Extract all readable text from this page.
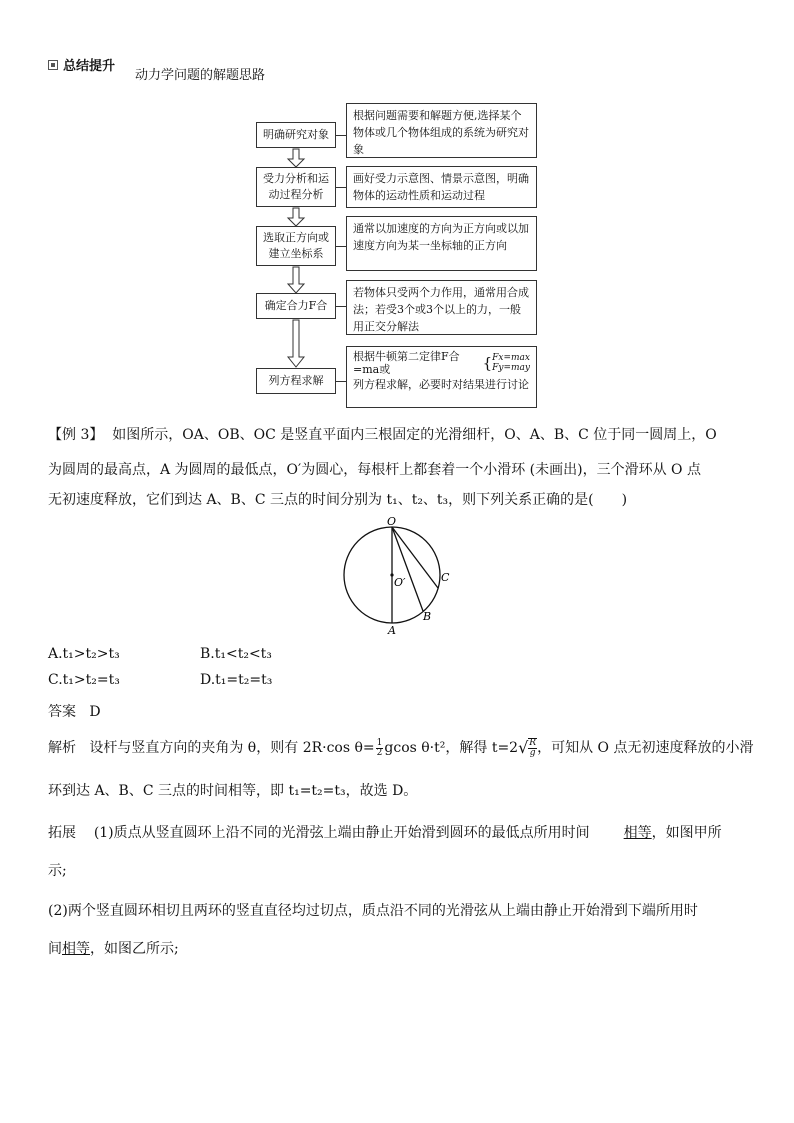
总结提升
动力学问题的解题思路
明确研究对象
受力分析和运动过程分析
选取正方向或建立坐标系
确定合力F合
列方程求解
根据问题需要和解题方便,选择某个物体或几个物体组成的系统为研究对象
画好受力示意图、情景示意图，明确物体的运动性质和运动过程
通常以加速度的方向为正方向或以加速度方向为某一坐标轴的正方向
若物体只受两个力作用，通常用合成法；若受3个或3个以上的力，一般用正交分解法
根据牛顿第二定律F合=ma或	{ Fx=max
Fy=may
列方程求解，必要时对结果进行讨论
【例 3】 如图所示，OA、OB、OC 是竖直平面内三根固定的光滑细杆，O、A、B、C 位于同一圆周上，O
为圆周的最高点，A 为圆周的最低点，O′为圆心，每根杆上都套着一个小滑环 (未画出)，三个滑环从 O 点
无初速度释放，它们到达 A、B、C 三点的时间分别为 t₁、t₂、t₃，则下列关系正确的是(　　)
O
O′
A
B
C
A.t₁>t₂>t₃	B.t₁<t₂<t₃
C.t₁>t₂=t₃	D.t₁=t₂=t₃
答案 D
解析
设杆与竖直方向的夹角为 θ，则有 2R·cos $\theta= \frac{1}{2}$ gcos θ·t²，解得 t=2 √ $\frac{R}{g}$ ，可知从 O 点无初速度释放的小滑
环到达 A、B、C 三点的时间相等，即 t₁=t₂=t₃，故选 D。
拓展 (1)质点从竖直圆环上沿不同的光滑弦上端由静止开始滑到圆环的最低点所用时间 相等，如图甲所
示;
(2)两个竖直圆环相切且两环的竖直直径均过切点，质点沿不同的光滑弦从上端由静止开始滑到下端所用时
间相等，如图乙所示;
